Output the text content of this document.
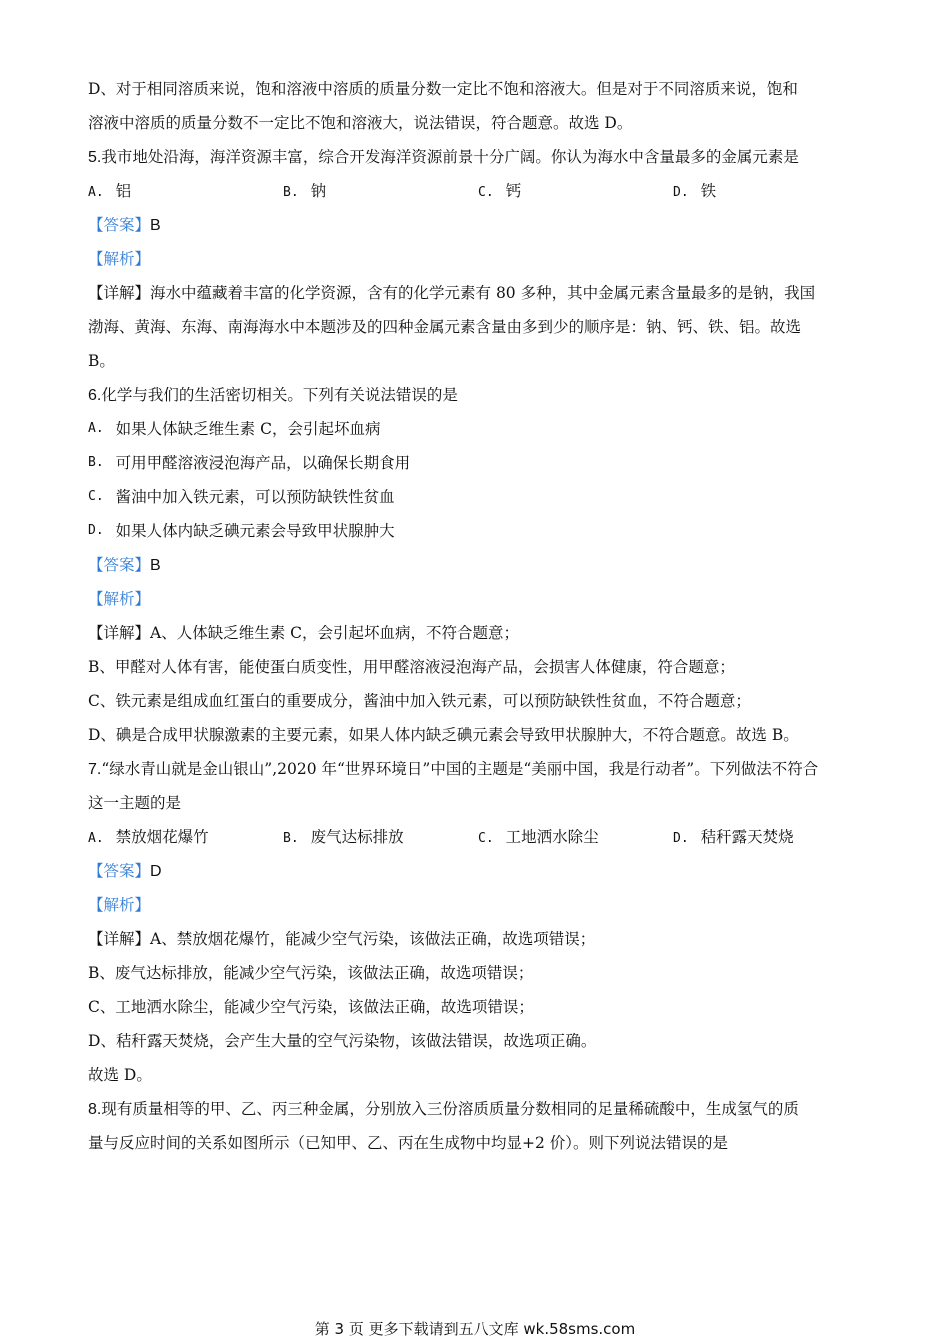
D、对于相同溶质来说，饱和溶液中溶质的质量分数一定比不饱和溶液大。但是对于不同溶质来说，饱和
溶液中溶质的质量分数不一定比不饱和溶液大，说法错误，符合题意。故选 D。
5.我市地处沿海，海洋资源丰富，综合开发海洋资源前景十分广阔。你认为海水中含量最多的金属元素是
A. 铝	B. 钠	C. 钙	D. 铁
【答案】B
【解析】
【详解】海水中蕴藏着丰富的化学资源，含有的化学元素有 80 多种，其中金属元素含量最多的是钠，我国
渤海、黄海、东海、南海海水中本题涉及的四种金属元素含量由多到少的顺序是：钠、钙、铁、铝。故选
B。
6.化学与我们的生活密切相关。下列有关说法错误的是
A. 如果人体缺乏维生素 C，会引起坏血病
B. 可用甲醛溶液浸泡海产品，以确保长期食用
C. 酱油中加入铁元素，可以预防缺铁性贫血
D. 如果人体内缺乏碘元素会导致甲状腺肿大
【答案】B
【解析】
【详解】A、人体缺乏维生素 C，会引起坏血病，不符合题意；
B、甲醛对人体有害，能使蛋白质变性，用甲醛溶液浸泡海产品，会损害人体健康，符合题意；
C、铁元素是组成血红蛋白的重要成分，酱油中加入铁元素，可以预防缺铁性贫血，不符合题意；
D、碘是合成甲状腺激素的主要元素，如果人体内缺乏碘元素会导致甲状腺肿大，不符合题意。故选 B。
7.“绿水青山就是金山银山”,2020 年“世界环境日”中国的主题是“美丽中国，我是行动者”。下列做法不符合
这一主题的是
A. 禁放烟花爆竹	B. 废气达标排放	C. 工地洒水除尘	D. 秸秆露天焚烧
【答案】D
【解析】
【详解】A、禁放烟花爆竹，能减少空气污染，该做法正确，故选项错误；
B、废气达标排放，能减少空气污染，该做法正确，故选项错误；
C、工地洒水除尘，能减少空气污染，该做法正确，故选项错误；
D、秸秆露天焚烧，会产生大量的空气污染物，该做法错误，故选项正确。
故选 D。
8.现有质量相等的甲、乙、丙三种金属，分别放入三份溶质质量分数相同的足量稀硫酸中，生成氢气的质
量与反应时间的关系如图所示（已知甲、乙、丙在生成物中均显+2 价）。则下列说法错误的是
第 3 页 更多下载请到五八文库 wk.58sms.com
